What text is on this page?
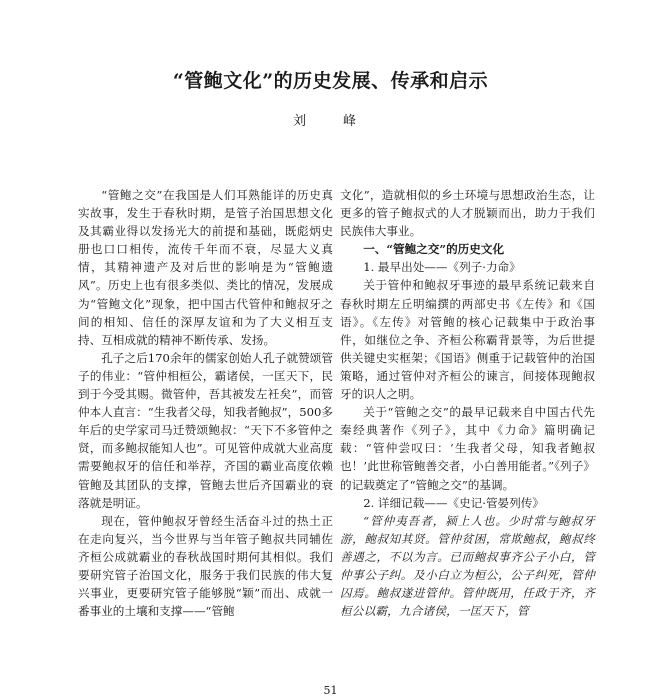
“管鲍文化”的历史发展、传承和启示
刘　峰

“管鲍之交”在我国是人们耳熟能详的历史真实故事，发生于春秋时期，是管子治国思想文化及其霸业得以发扬光大的前提和基础，既彪炳史册也口口相传，流传千年而不衰，尽显大义真情，其精神遗产及对后世的影响是为“管鲍遗风”。历史上也有很多类似、类比的情况，发展成为“管鲍文化”现象，把中国古代管仲和鲍叔牙之间的相知、信任的深厚友谊和为了大义相互支持、互相成就的精神不断传承、发扬。

孔子之后170余年的儒家创始人孔子就赞颂管子的伟业：“管仲相桓公，霸诸侯，一匡天下，民到于今受其赐。微管仲，吾其被发左衽矣”，而管仲本人直言：“生我者父母，知我者鲍叔”，500多年后的史学家司马迁赞颂鲍叔：“天下不多管仲之贤，而多鲍叔能知人也”。可见管仲成就大业高度需要鲍叔牙的信任和举荐，齐国的霸业高度依赖管鲍及其团队的支撑，管鲍去世后齐国霸业的衰落就是明证。

现在，管仲鲍叔牙曾经生活奋斗过的热土正在走向复兴，当今世界与当年管子鲍叔共同辅佐齐桓公成就霸业的春秋战国时期何其相似。我们要研究管子治国文化，服务于我们民族的伟大复兴事业，更要研究管子能够脱“颖”而出、成就一番事业的土壤和支撑——“管鲍

文化”，造就相似的乡土环境与思想政治生态，让更多的管子鲍叔式的人才脱颖而出，助力于我们民族伟大事业。

一、“管鲍之交”的历史文化
1. 最早出处——《列子·力命》

关于管仲和鲍叔牙事迹的最早系统记载来自春秋时期左丘明编撰的两部史书《左传》和《国语》。《左传》对管鲍的核心记载集中于政治事件，如继位之争、齐桓公称霸背景等，为后世提供关键史实框架；《国语》侧重于记载管仲的治国策略，通过管仲对齐桓公的谏言，间接体现鲍叔牙的识人之明。

关于“管鲍之交”的最早记载来自中国古代先秦经典著作《列子》，其中《力命》篇明确记载：“管仲尝叹曰：‘生我者父母，知我者鲍叔也！’此世称管鲍善交者，小白善用能者。”《列子》的记载奠定了“管鲍之交”的基调。

2. 详细记载——《史记·管晏列传》

“管仲夷吾者，颍上人也。少时常与鲍叔牙游，鲍叔知其贤。管仲贫困，常欺鲍叔，鲍叔终善遇之，不以为言。已而鲍叔事齐公子小白，管仲事公子纠。及小白立为桓公，公子纠死，管仲囚焉。鲍叔遂进管仲。管仲既用，任政于齐，齐桓公以霸，九合诸侯，一匡天下，管

51
